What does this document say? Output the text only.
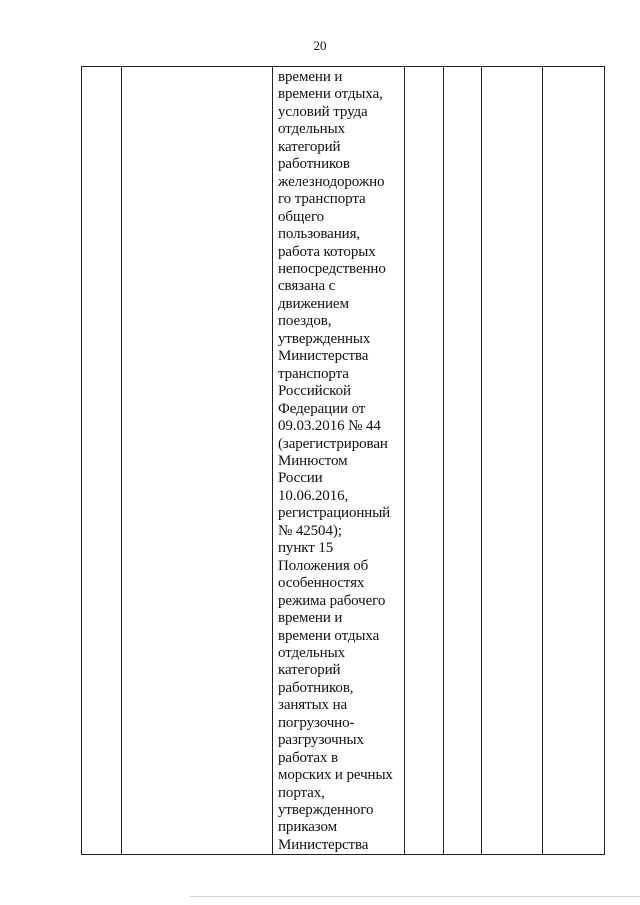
20

времени и
времени отдыха,
условий труда
отдельных
категорий
работников
железнодорожно
го транспорта
общего
пользования,
работа которых
непосредственно
связана с
движением
поездов,
утвержденных
Министерства
транспорта
Российской
Федерации от
09.03.2016 № 44
(зарегистрирован
Минюстом
России
10.06.2016,
регистрационный
№ 42504);
пункт 15
Положения об
особенностях
режима рабочего
времени и
времени отдыха
отдельных
категорий
работников,
занятых на
погрузочно-
разгрузочных
работах в
морских и речных
портах,
утвержденного
приказом
Министерства
